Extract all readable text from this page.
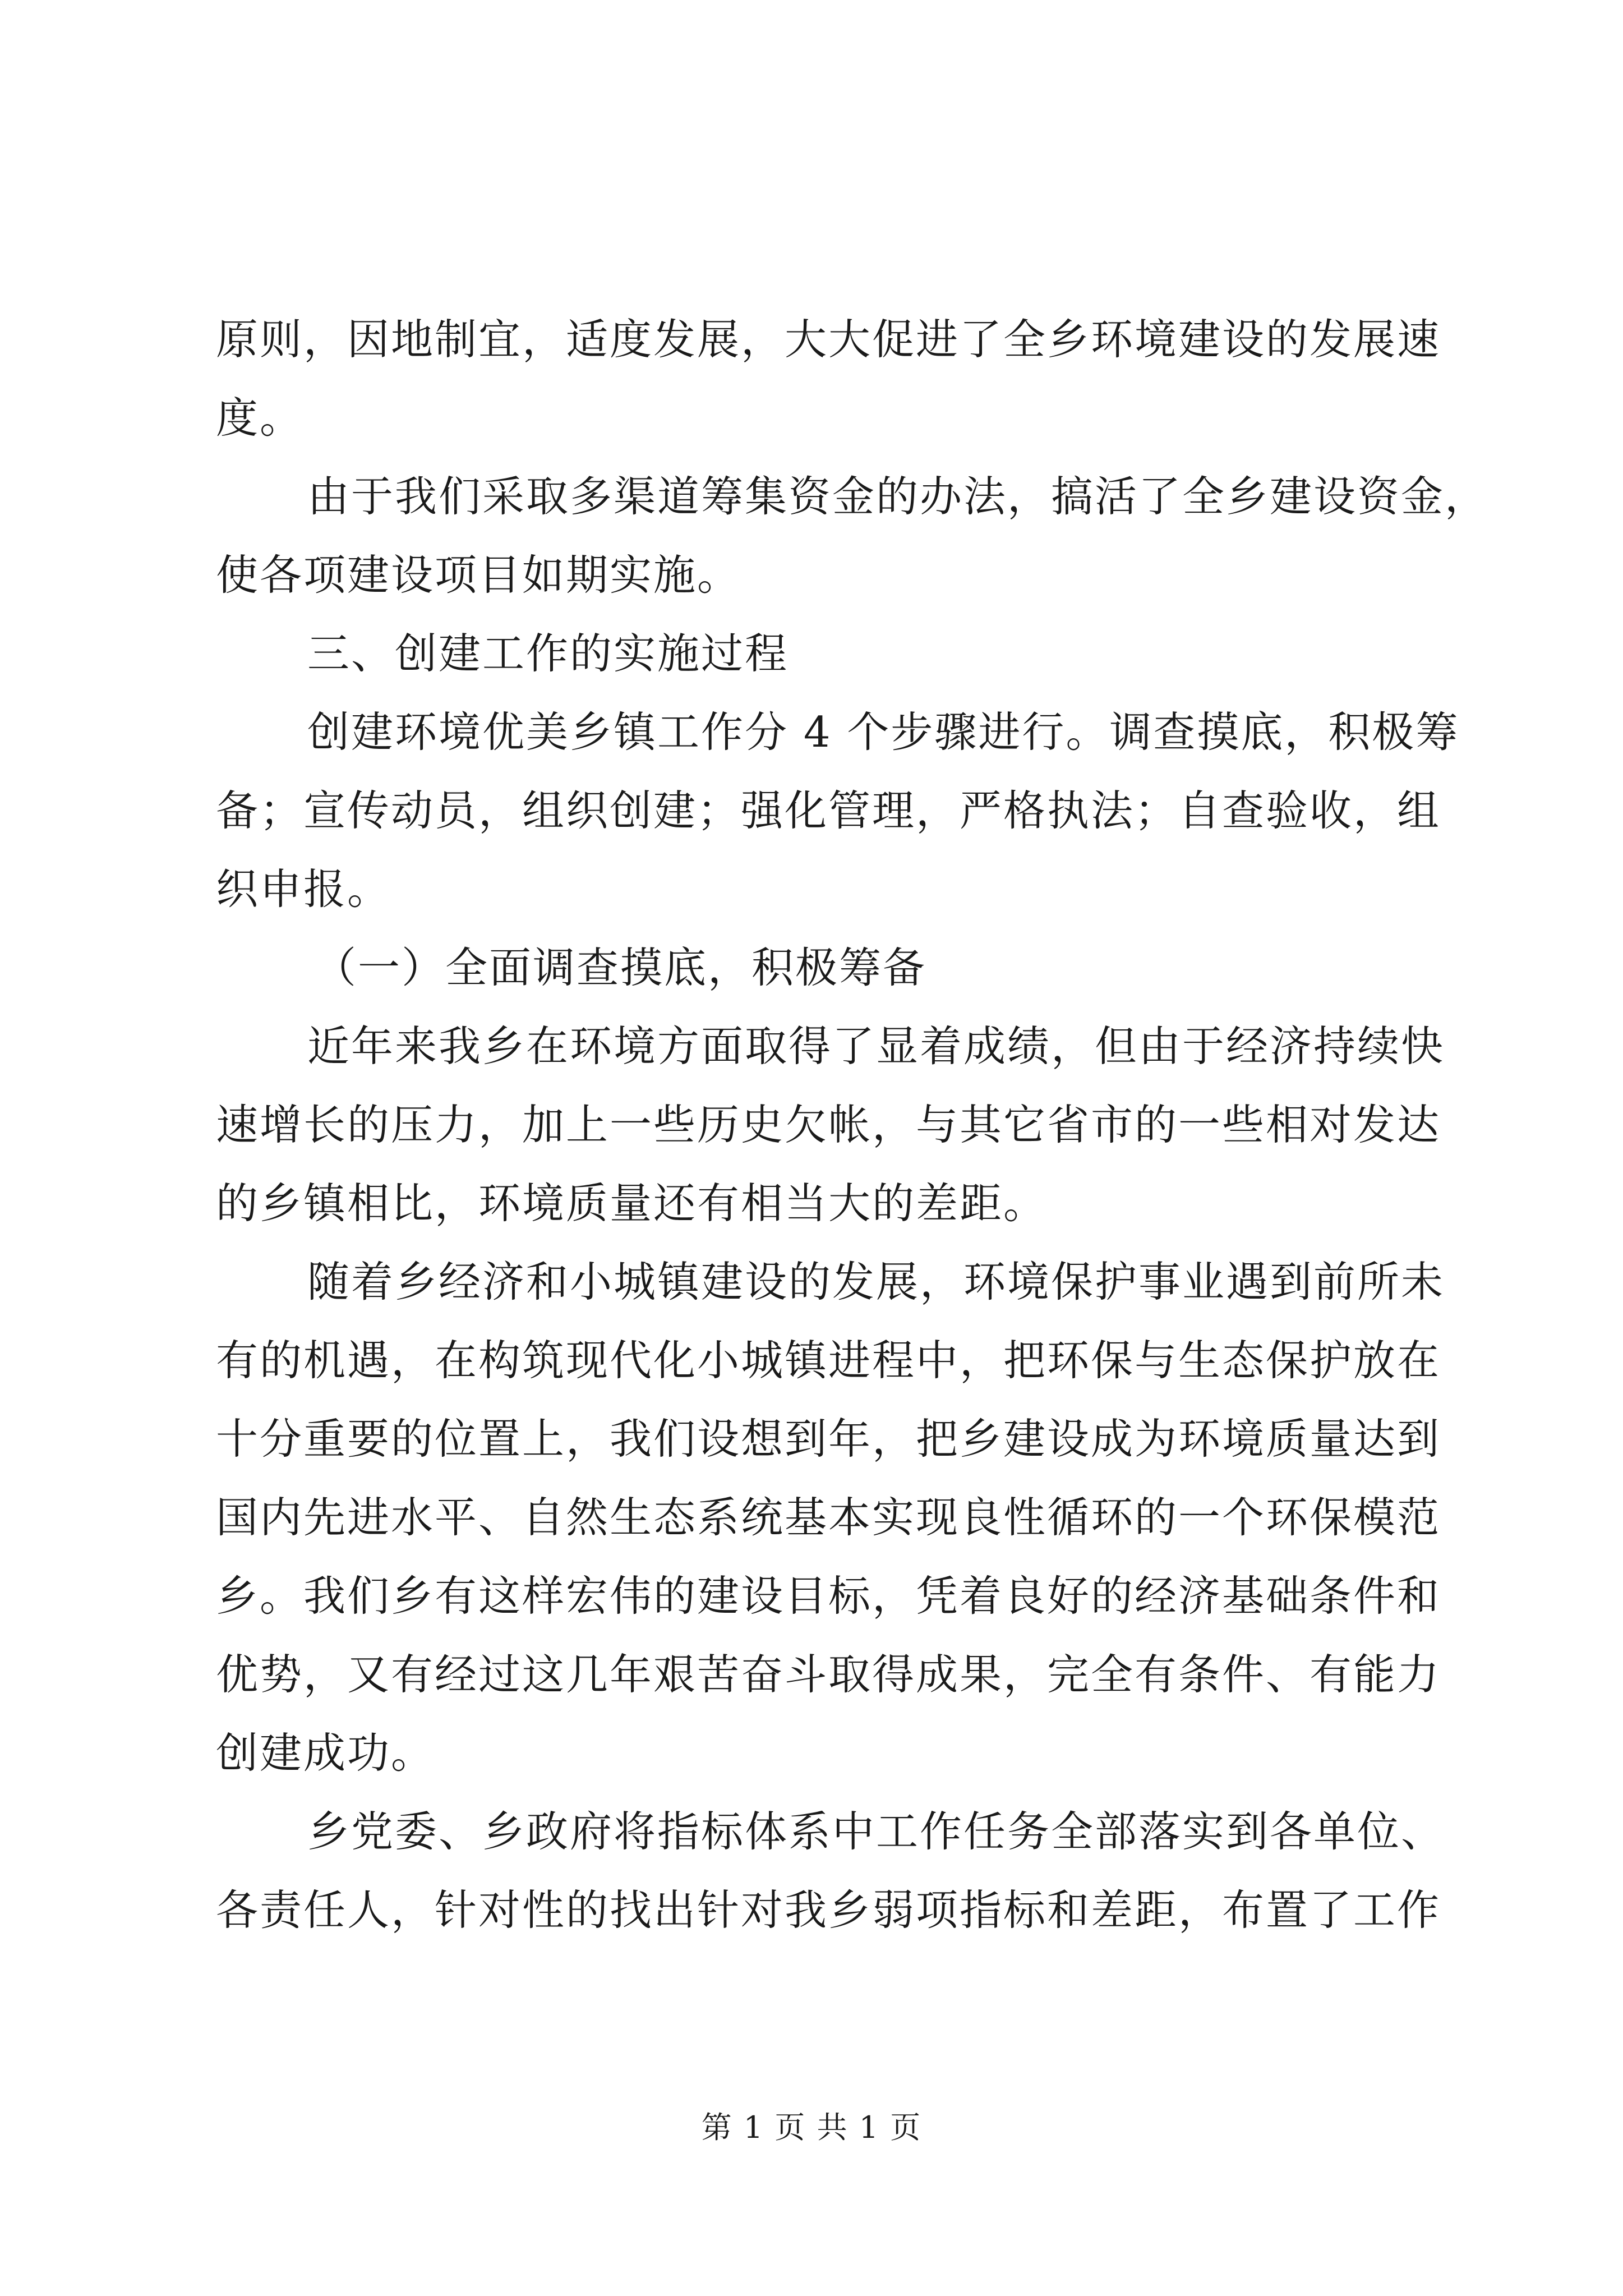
原则，因地制宜，适度发展，大大促进了全乡环境建设的发展速
度。
由于我们采取多渠道筹集资金的办法，搞活了全乡建设资金，
使各项建设项目如期实施。
三、创建工作的实施过程
创建环境优美乡镇工作分 4 个步骤进行。调查摸底，积极筹
备；宣传动员，组织创建；强化管理，严格执法；自查验收，组
织申报。
（一）全面调查摸底，积极筹备
近年来我乡在环境方面取得了显着成绩，但由于经济持续快
速增长的压力，加上一些历史欠帐，与其它省市的一些相对发达
的乡镇相比，环境质量还有相当大的差距。
随着乡经济和小城镇建设的发展，环境保护事业遇到前所未
有的机遇，在构筑现代化小城镇进程中，把环保与生态保护放在
十分重要的位置上，我们设想到年，把乡建设成为环境质量达到
国内先进水平、自然生态系统基本实现良性循环的一个环保模范
乡。我们乡有这样宏伟的建设目标，凭着良好的经济基础条件和
优势，又有经过这几年艰苦奋斗取得成果，完全有条件、有能力
创建成功。
乡党委、乡政府将指标体系中工作任务全部落实到各单位、
各责任人，针对性的找出针对我乡弱项指标和差距，布置了工作
第 1 页 共 1 页
